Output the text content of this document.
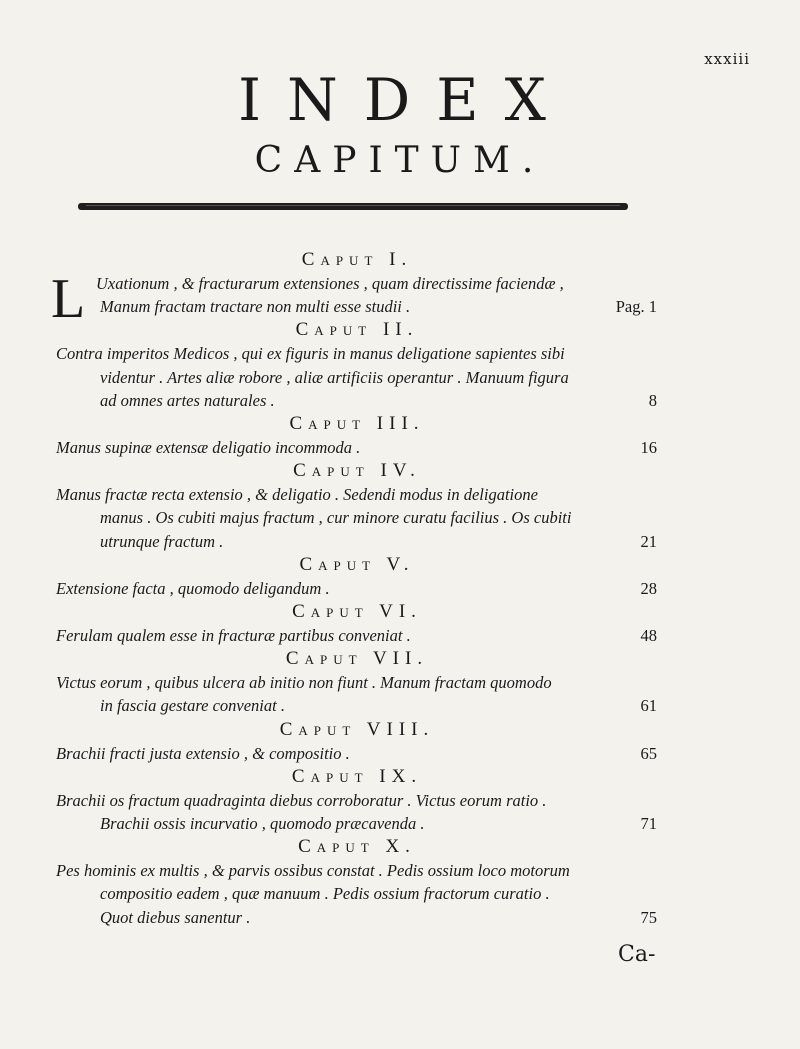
xxxiii
INDEX
CAPITUM.
Caput I.
L Uxationum , & fracturarum extensiones , quam directissime faciendæ ,
Manum fractam tractare non multi esse studii .	Pag. 1
Caput II.
Contra imperitos Medicos , qui ex figuris in manus deligatione sapientes sibi
videntur . Artes aliæ robore , aliæ artificiis operantur . Manuum figura
ad omnes artes naturales .	8
Caput III.
Manus supinæ extensæ deligatio incommoda .	16
Caput IV.
Manus fractæ recta extensio , & deligatio . Sedendi modus in deligatione
manus . Os cubiti majus fractum , cur minore curatu facilius . Os cubiti
utrunque fractum .	21
Caput V.
Extensione facta , quomodo deligandum .	28
Caput VI.
Ferulam qualem esse in fracturæ partibus conveniat .	48
Caput VII.
Victus eorum , quibus ulcera ab initio non fiunt . Manum fractam quomodo
in fascia gestare conveniat .	61
Caput VIII.
Brachii fracti justa extensio , & compositio .	65
Caput IX.
Brachii os fractum quadraginta diebus corroboratur . Victus eorum ratio .
Brachii ossis incurvatio , quomodo præcavenda .	71
Caput X.
Pes hominis ex multis , & parvis ossibus constat . Pedis ossium loco motorum
compositio eadem , quæ manuum . Pedis ossium fractorum curatio .
Quot diebus sanentur .	75
Ca-
